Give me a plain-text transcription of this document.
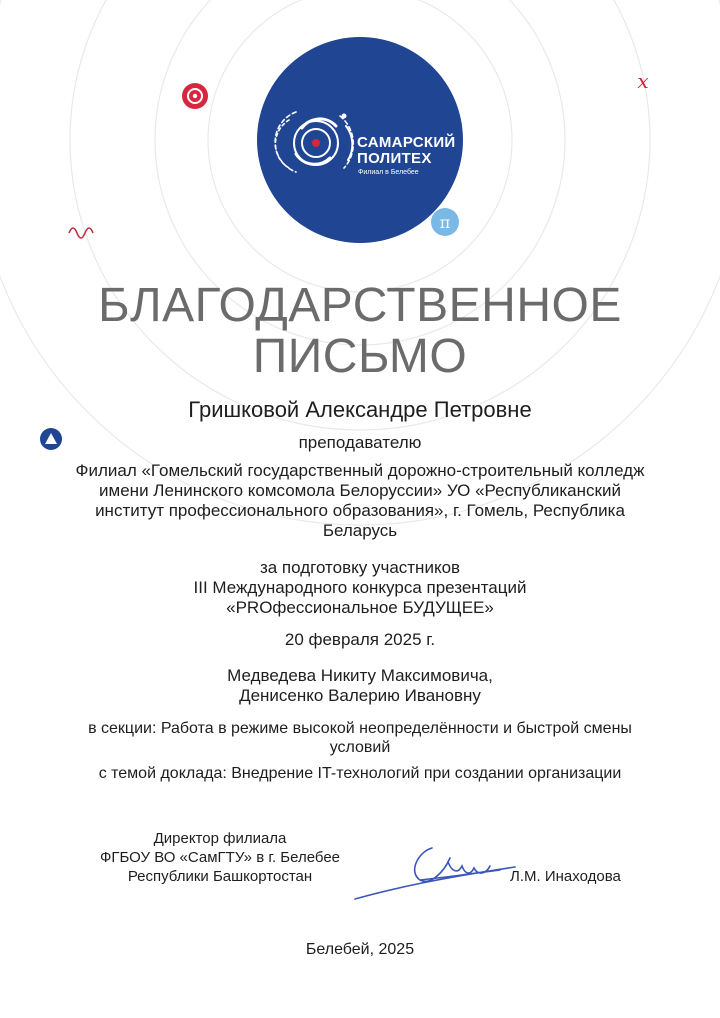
π
x
САМАРСКИЙ
ПОЛИТЕХ
Филиал в Белебее
БЛАГОДАРСТВЕННОЕ
ПИСЬМО
Гришковой Александре Петровне
преподавателю
Филиал «Гомельский государственный дорожно-строительный колледж
имени Ленинского комсомола Белоруссии» УО «Республиканский
институт профессионального образования», г. Гомель, Республика
Беларусь
за подготовку участников
III Международного конкурса презентаций
«PROфессиональное БУДУЩЕЕ»
20 февраля 2025 г.
Медведева Никиту Максимовича,
Денисенко Валерию Ивановну
в секции: Работа в режиме высокой неопределённости и быстрой смены
условий
с темой доклада: Внедрение IT-технологий при создании организации
Директор филиала
ФГБОУ ВО «СамГТУ» в г. Белебее
Республики Башкортостан	Л.М. Инаходова
Белебей, 2025
